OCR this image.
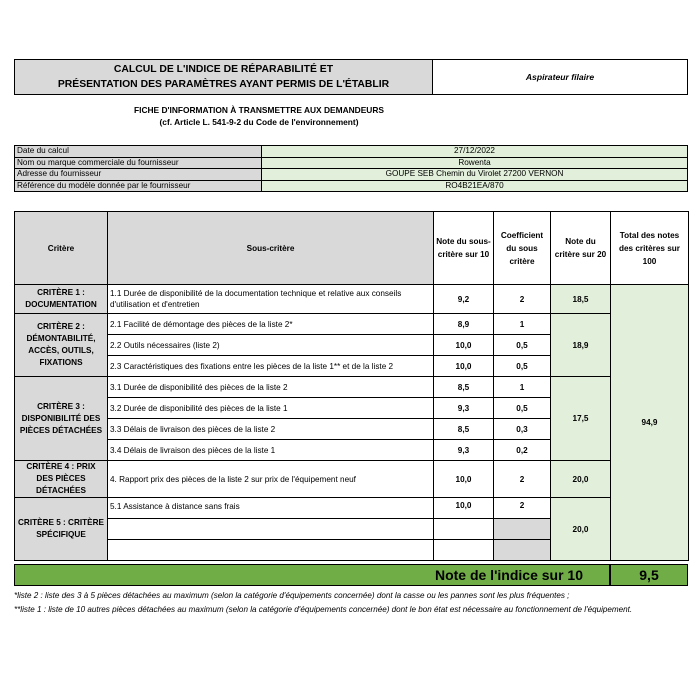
CALCUL DE L'INDICE DE RÉPARABILITÉ ET
PRÉSENTATION DES PARAMÈTRES AYANT PERMIS DE L'ÉTABLIR
Aspirateur filaire
FICHE D'INFORMATION À TRANSMETTRE AUX DEMANDEURS
(cf. Article L. 541-9-2 du Code de l'environnement)
Date du calcul	27/12/2022
Nom ou marque commerciale du fournisseur	Rowenta
Adresse du fournisseur	GOUPE SEB Chemin du Virolet 27200 VERNON
Référence du modèle donnée par le fournisseur	RO4B21EA/870
Critère	Sous-critère	Note du sous-critère sur 10	Coefficient du sous critère	Note du critère sur 20	Total des notes des critères sur 100
CRITÈRE 1 : DOCUMENTATION	1.1 Durée de disponibilité de la documentation technique et relative aux conseils d'utilisation et d'entretien	9,2	2	18,5	94,9
CRITÈRE 2 : DÉMONTABILITÉ, ACCÈS, OUTILS, FIXATIONS	2.1 Facilité de démontage des pièces de la liste 2*	8,9	1	18,9	
	2.2 Outils nécessaires (liste 2)	10,0	0,5		
	2.3 Caractéristiques des fixations entre les pièces de la liste 1** et de la liste 2	10,0	0,5		
CRITÈRE 3 : DISPONIBILITÉ DES PIÈCES DÉTACHÉES	3.1 Durée de disponibilité des pièces de la liste 2	8,5	1	17,5	
	3.2 Durée de disponibilité des pièces de la liste 1	9,3	0,5		
	3.3 Délais de livraison des pièces de la liste 2	8,5	0,3		
	3.4 Délais de livraison des pièces de la liste 1	9,3	0,2		
CRITÈRE 4 : PRIX DES PIÈCES DÉTACHÉES	4. Rapport prix des pièces de la liste 2 sur prix de l'équipement neuf	10,0	2	20,0	
CRITÈRE 5 : CRITÈRE SPÉCIFIQUE	5.1 Assistance à distance sans frais	10,0	2	20,0	

Note de l'indice sur 10	9,5
*liste 2 : liste des 3 à 5 pièces détachées au maximum (selon la catégorie d'équipements concernée) dont la casse ou les pannes sont les plus fréquentes ;
**liste 1 : liste de 10 autres pièces détachées au maximum (selon la catégorie d'équipements concernée) dont le bon état est nécessaire au fonctionnement de l'équipement.
